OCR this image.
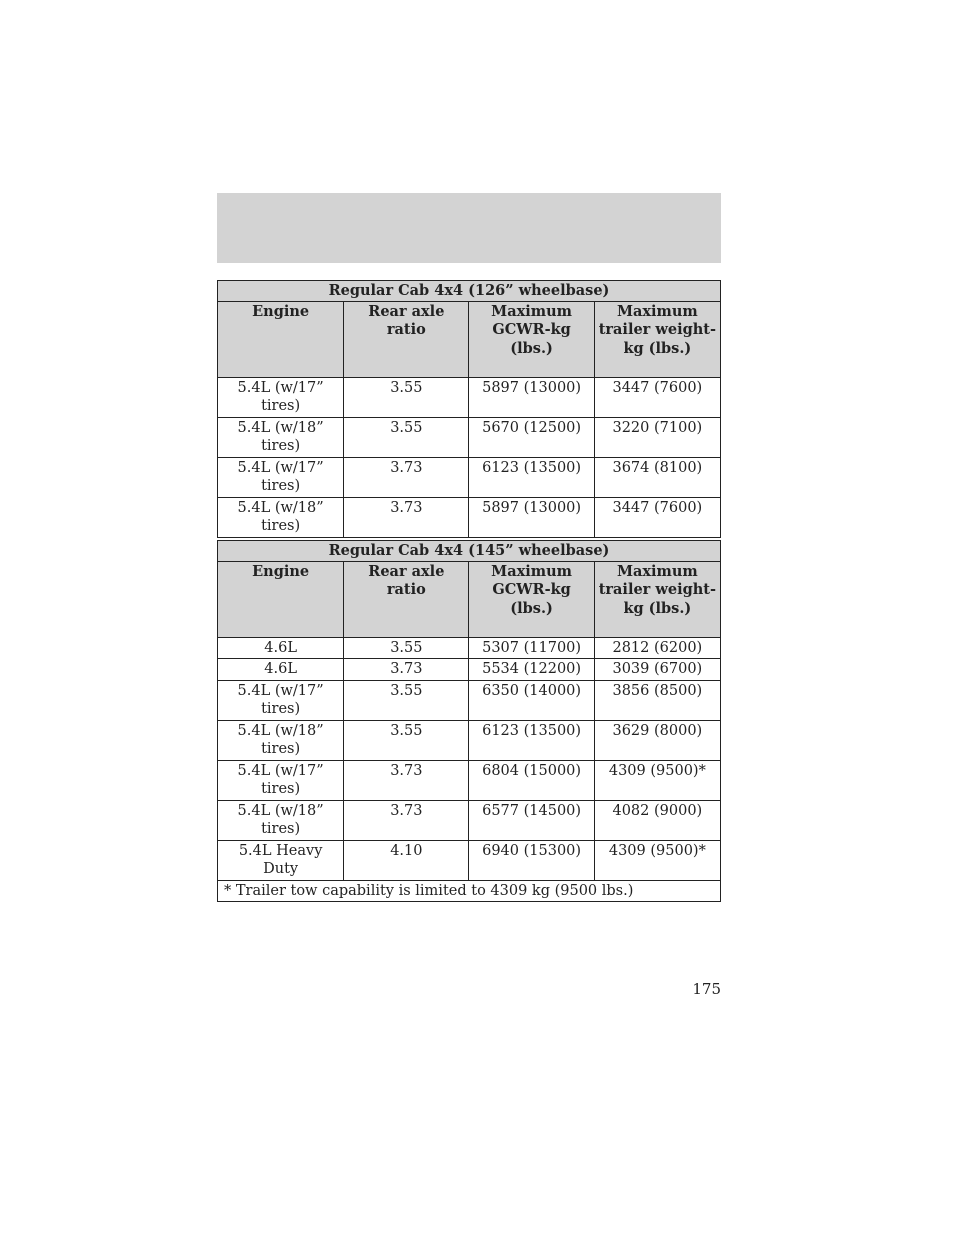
Regular Cab 4x4 (126” wheelbase)			
Engine	Rear axle ratio	Maximum GCWR-kg (lbs.)	Maximum trailer weight-kg (lbs.)
5.4L (w/17” tires)	3.55	5897 (13000)	3447 (7600)
5.4L (w/18” tires)	3.55	5670 (12500)	3220 (7100)
5.4L (w/17” tires)	3.73	6123 (13500)	3674 (8100)
5.4L (w/18” tires)	3.73	5897 (13000)	3447 (7600)
Regular Cab 4x4 (145” wheelbase)			
Engine	Rear axle ratio	Maximum GCWR-kg (lbs.)	Maximum trailer weight-kg (lbs.)
4.6L	3.55	5307 (11700)	2812 (6200)
4.6L	3.73	5534 (12200)	3039 (6700)
5.4L (w/17” tires)	3.55	6350 (14000)	3856 (8500)
5.4L (w/18” tires)	3.55	6123 (13500)	3629 (8000)
5.4L (w/17” tires)	3.73	6804 (15000)	4309 (9500)*
5.4L (w/18” tires)	3.73	6577 (14500)	4082 (9000)
5.4L Heavy Duty	4.10	6940 (15300)	4309 (9500)*
* Trailer tow capability is limited to 4309 kg (9500 lbs.)			
175
